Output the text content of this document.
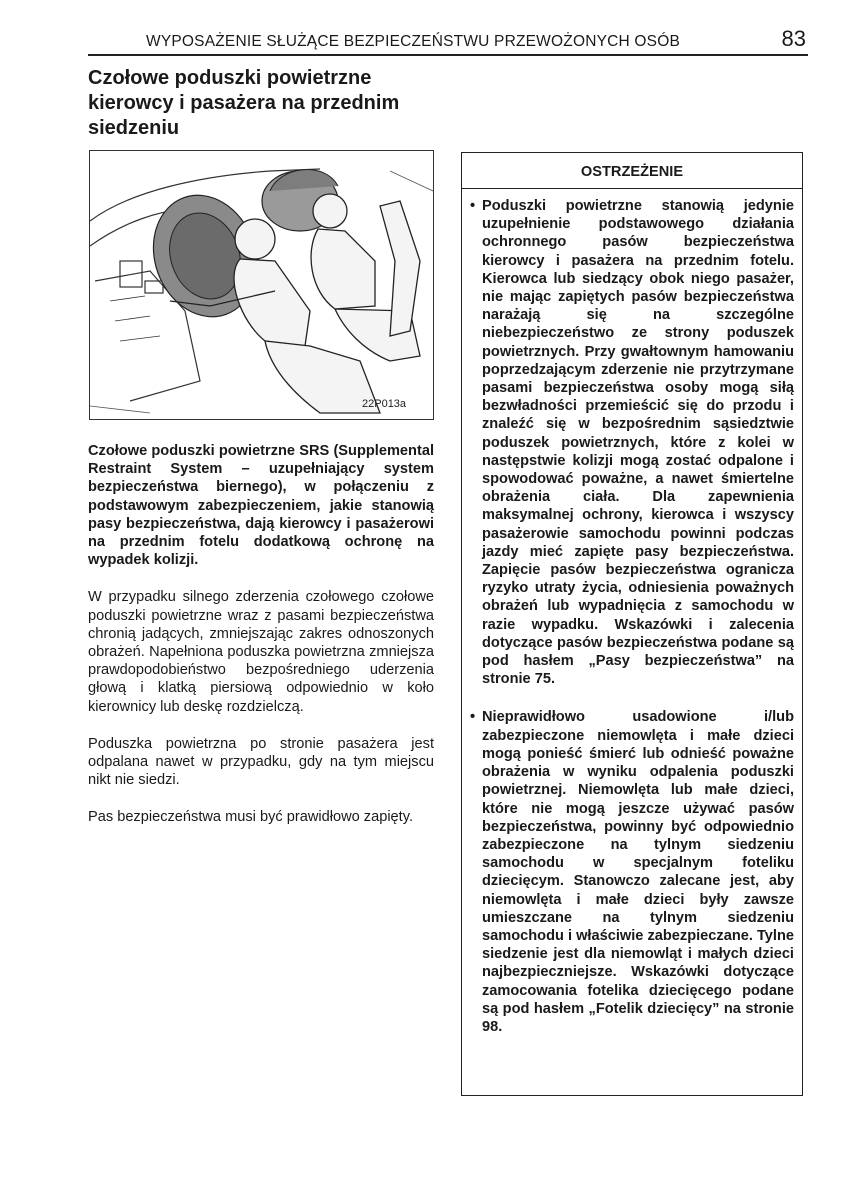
WYPOSAŻENIE SŁUŻĄCE BEZPIECZEŃSTWU PRZEWOŻONYCH OSÓB	83
Czołowe poduszki powietrzne kierowcy i pasażera na przednim siedzeniu
22P013a

Czołowe poduszki powietrzne SRS (Supplemental Restraint System – uzupełniający system bezpieczeństwa biernego), w połączeniu z podstawowym zabezpieczeniem, jakie stanowią pasy bezpieczeństwa, dają kierowcy i pasażerowi na przednim fotelu dodatkową ochronę na wypadek kolizji.

W przypadku silnego zderzenia czołowego czołowe poduszki powietrzne wraz z pasami bezpieczeństwa chronią jadących, zmniejszając zakres odnoszonych obrażeń. Napełniona poduszka powietrzna zmniejsza prawdopodobieństwo bezpośredniego uderzenia głową i klatką piersiową odpowiednio w koło kierownicy lub deskę rozdzielczą.

Poduszka powietrzna po stronie pasażera jest odpalana nawet w przypadku, gdy na tym miejscu nikt nie siedzi.

Pas bezpieczeństwa musi być prawidłowo zapięty.

OSTRZEŻENIE
• Poduszki powietrzne stanowią jedynie uzupełnienie podstawowego działania ochronnego pasów bezpieczeństwa kierowcy i pasażera na przednim fotelu. Kierowca lub siedzący obok niego pasażer, nie mając zapiętych pasów bezpieczeństwa narażają się na szczególne niebezpieczeństwo ze strony poduszek powietrznych. Przy gwałtownym hamowaniu poprzedzającym zderzenie nie przytrzymane pasami bezpieczeństwa osoby mogą siłą bezwładności przemieścić się do przodu i znaleźć się w bezpośrednim sąsiedztwie poduszek powietrznych, które z kolei w następstwie kolizji mogą zostać odpalone i spowodować poważne, a nawet śmiertelne obrażenia ciała. Dla zapewnienia maksymalnej ochrony, kierowca i wszyscy pasażerowie samochodu powinni podczas jazdy mieć zapięte pasy bezpieczeństwa. Zapięcie pasów bezpieczeństwa ogranicza ryzyko utraty życia, odniesienia poważnych obrażeń lub wypadnięcia z samochodu w razie wypadku. Wskazówki i zalecenia dotyczące pasów bezpieczeństwa podane są pod hasłem „Pasy bezpieczeństwa” na stronie 75.
• Nieprawidłowo usadowione i/lub zabezpieczone niemowlęta i małe dzieci mogą ponieść śmierć lub odnieść poważne obrażenia w wyniku odpalenia poduszki powietrznej. Niemowlęta lub małe dzieci, które nie mogą jeszcze używać pasów bezpieczeństwa, powinny być odpowiednio zabezpieczone na tylnym siedzeniu samochodu w specjalnym foteliku dziecięcym. Stanowczo zalecane jest, aby niemowlęta i małe dzieci były zawsze umieszczane na tylnym siedzeniu samochodu i właściwie zabezpieczane. Tylne siedzenie jest dla niemowląt i małych dzieci najbezpieczniejsze. Wskazówki dotyczące zamocowania fotelika dziecięcego podane są pod hasłem „Fotelik dziecięcy” na stronie 98.
